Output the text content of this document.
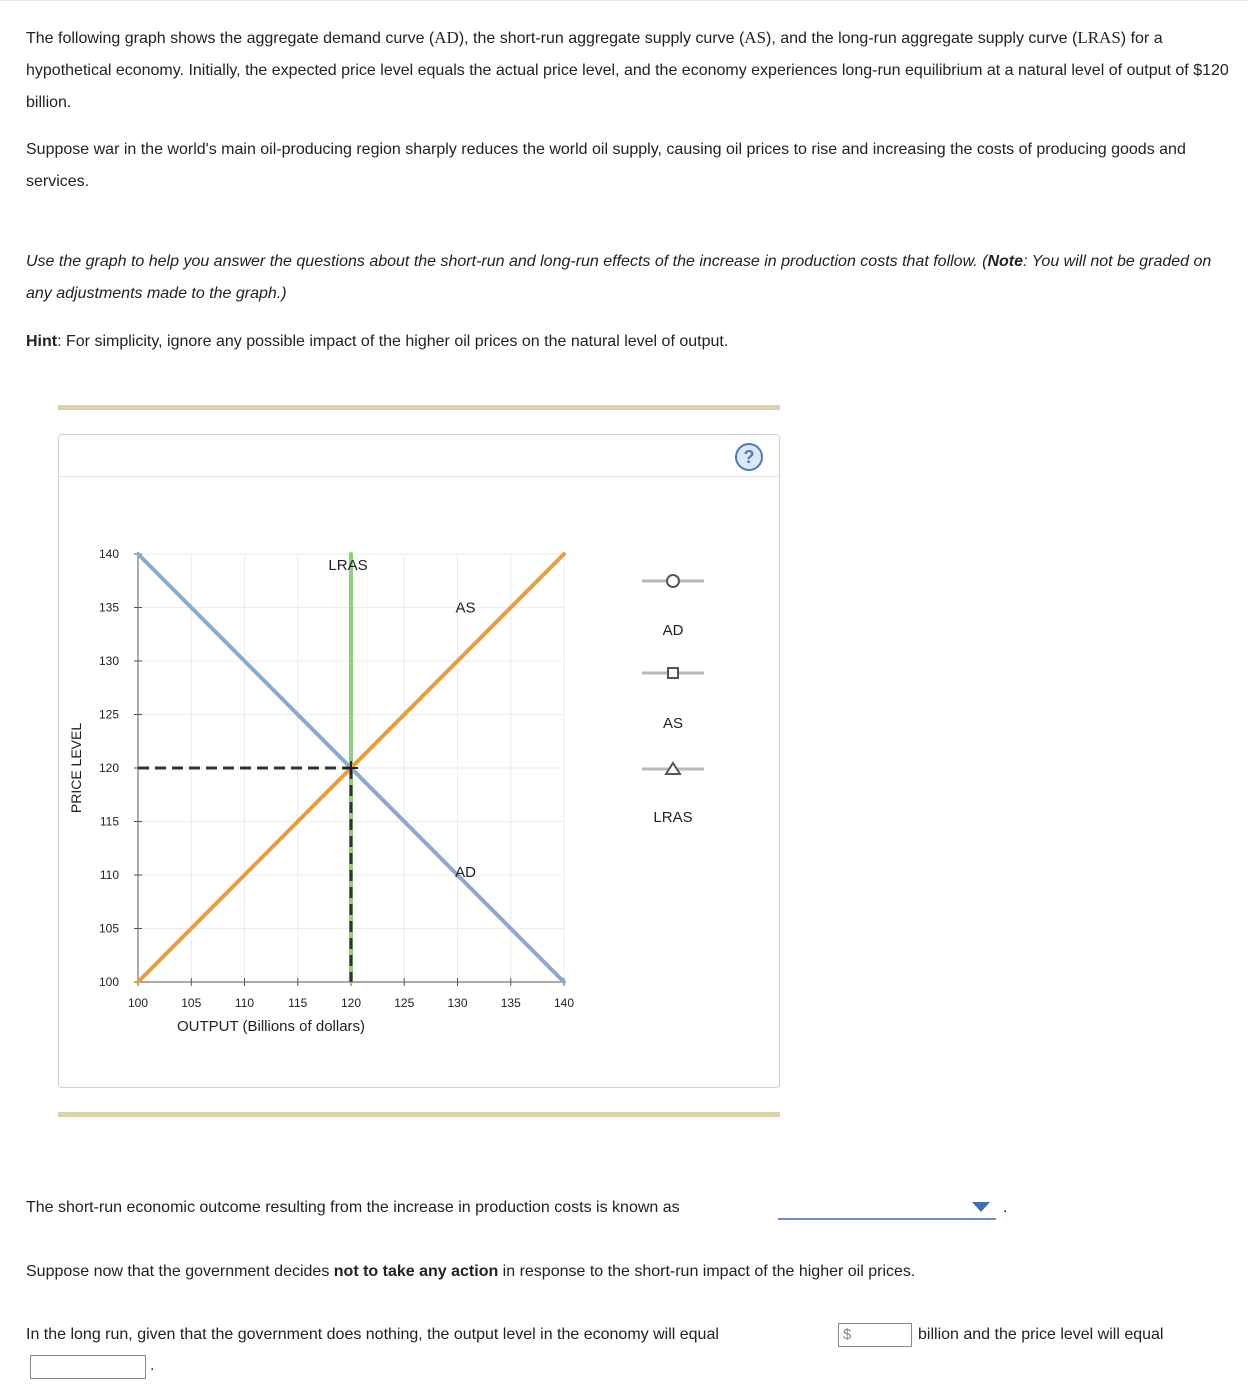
The following graph shows the aggregate demand curve (AD), the short-run aggregate supply curve (AS), and the long-run aggregate supply curve (LRAS) for a hypothetical economy. Initially, the expected price level equals the actual price level, and the economy experiences long-run equilibrium at a natural level of output of $120 billion.

Suppose war in the world's main oil-producing region sharply reduces the world oil supply, causing oil prices to rise and increasing the costs of producing goods and services.

Use the graph to help you answer the questions about the short-run and long-run effects of the increase in production costs that follow. (Note: You will not be graded on any adjustments made to the graph.)

Hint: For simplicity, ignore any possible impact of the higher oil prices on the natural level of output.

?
100
105
110
115
120
125
130
135
140
100	105	110	115	120	125	130	135	140
OUTPUT (Billions of dollars)
PRICE LEVEL
AD
AS
LRAS
AD
AS
LRAS
The short-run economic outcome resulting from the increase in production costs is known as	.

Suppose now that the government decides not to take any action in response to the short-run impact of the higher oil prices.

In the long run, given that the government does nothing, the output level in the economy will equal	$	billion and the price level will equal
.
